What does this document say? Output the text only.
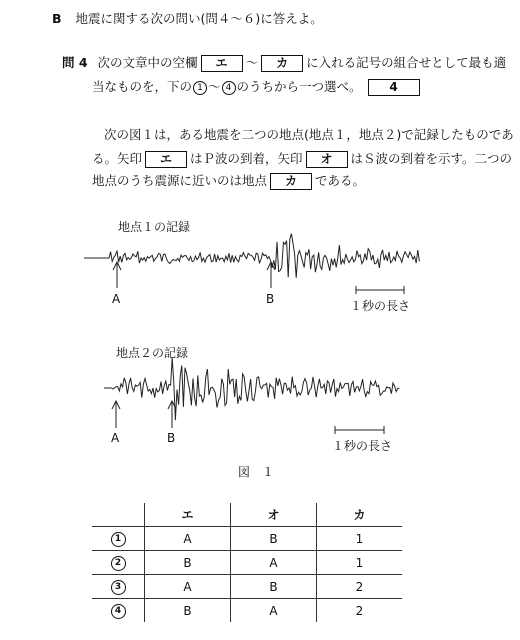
B 地震に関する次の問い(問４～６)に答えよ。
問 4 次の文章中の空欄 エ ～ カ に入れる記号の組合せとして最も適
当なものを，下の 1 ～ 4 のうちから一つ選べ。 4
次の図１は，ある地震を二つの地点(地点１，地点２)で記録したものであ
る。矢印 エ はＰ波の到着，矢印 オ はＳ波の到着を示す。二つの
地点のうち震源に近いのは地点 カ である。
地点１の記録
地点２の記録
A	B
A	B
１秒の長さ
１秒の長さ
図　１
	エ	オ	カ
1	A	B	1
2	B	A	1
3	A	B	2
4	B	A	2
